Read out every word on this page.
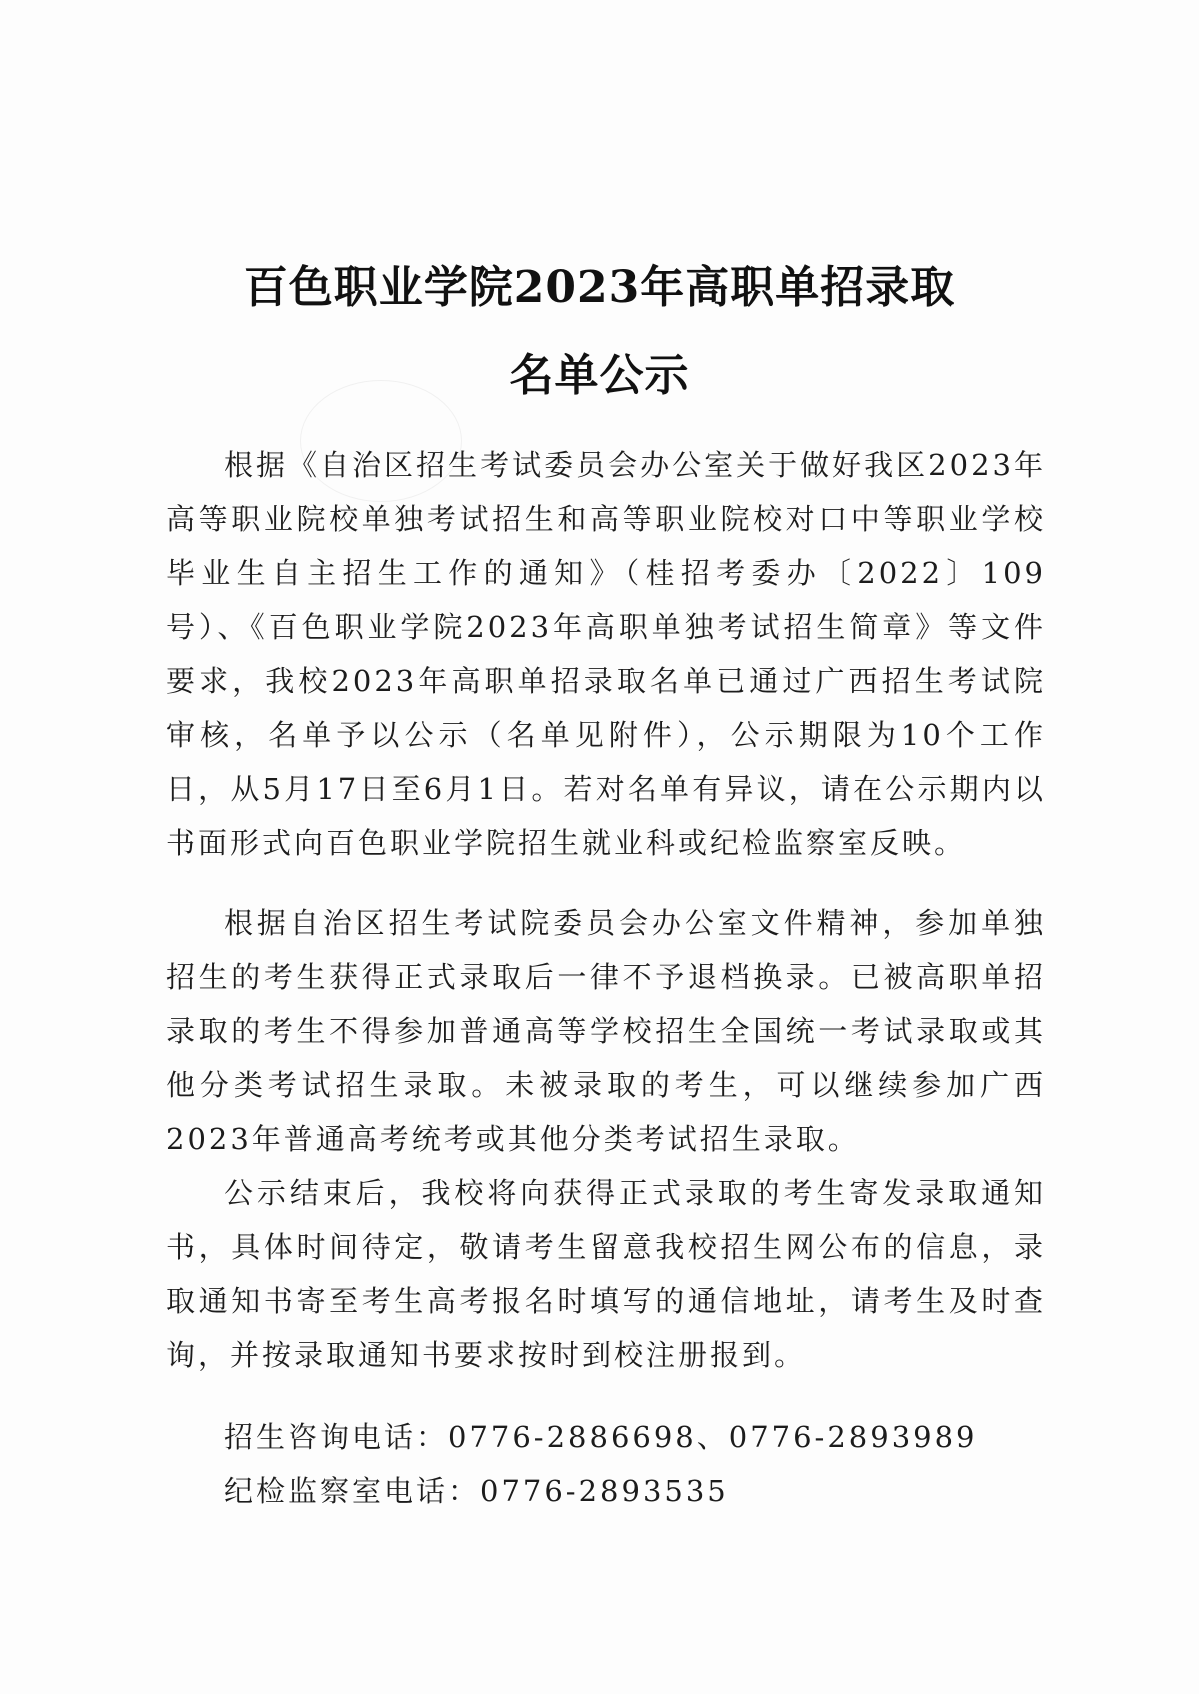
百色职业学院2023年高职单招录取
名单公示
根据《自治区招生考试委员会办公室关于做好我区2023年高等职业院校单独考试招生和高等职业院校对口中等职业学校毕业生自主招生工作的通知》（桂招考委办〔2022〕109号）、《百色职业学院2023年高职单独考试招生简章》等文件要求，我校2023年高职单招录取名单已通过广西招生考试院审核，名单予以公示（名单见附件），公示期限为10个工作日，从5月17日至6月1日。若对名单有异议，请在公示期内以书面形式向百色职业学院招生就业科或纪检监察室反映。
根据自治区招生考试院委员会办公室文件精神，参加单独招生的考生获得正式录取后一律不予退档换录。已被高职单招录取的考生不得参加普通高等学校招生全国统一考试录取或其他分类考试招生录取。未被录取的考生，可以继续参加广西2023年普通高考统考或其他分类考试招生录取。
公示结束后，我校将向获得正式录取的考生寄发录取通知书，具体时间待定，敬请考生留意我校招生网公布的信息，录取通知书寄至考生高考报名时填写的通信地址，请考生及时查询，并按录取通知书要求按时到校注册报到。
招生咨询电话：0776-2886698、0776-2893989
纪检监察室电话：0776-2893535
